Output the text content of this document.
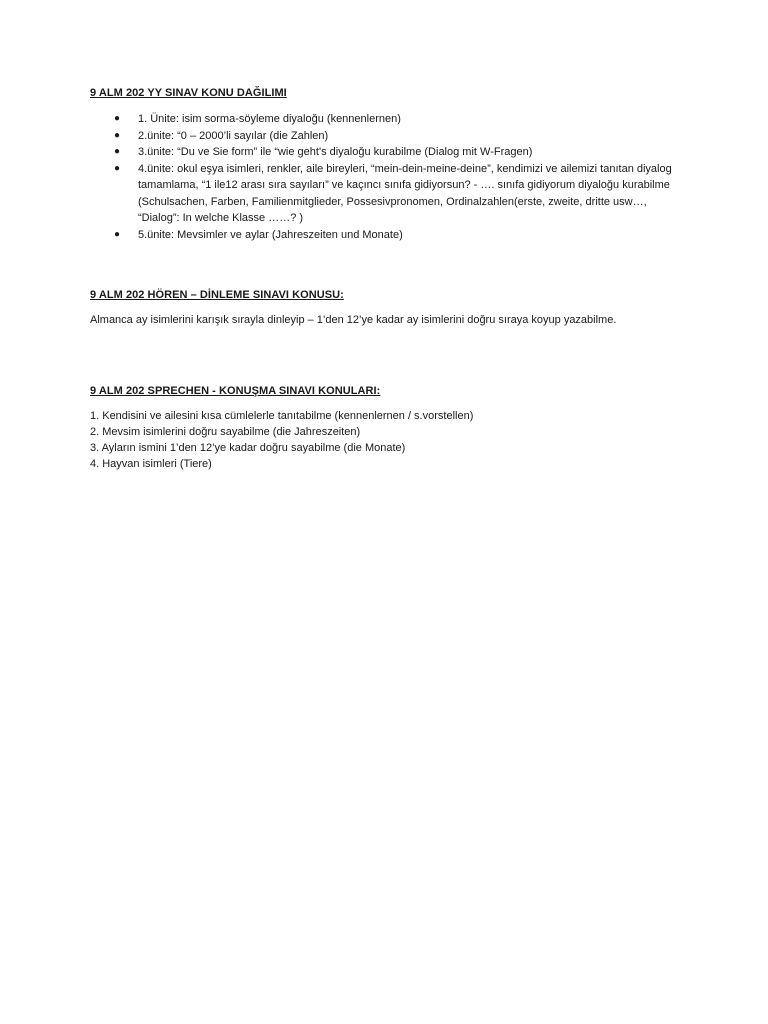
9 ALM 202 YY SINAV KONU DAĞILIMI

● 1. Ünite: isim sorma-söyleme diyaloğu (kennenlernen)
● 2.ünite: “0 – 2000’li sayılar (die Zahlen)
● 3.ünite: “Du ve Sie form” ile “wie geht's diyaloğu kurabilme (Dialog mit W-Fragen)
● 4.ünite: okul eşya isimleri, renkler, aile bireyleri, “mein-dein-meine-deine”, kendimizi ve ailemizi tanıtan diyalog tamamlama, “1 ile12 arası sıra sayıları” ve kaçıncı sınıfa gidiyorsun? - …. sınıfa gidiyorum diyaloğu kurabilme (Schulsachen, Farben, Familienmitglieder, Possesivpronomen, Ordinalzahlen(erste, zweite, dritte usw…, “Dialog”: In welche Klasse ……? )
● 5.ünite: Mevsimler ve aylar (Jahreszeiten und Monate)

9 ALM 202 HÖREN – DİNLEME SINAVI KONUSU:

Almanca ay isimlerini karışık sırayla dinleyip – 1’den 12’ye kadar ay isimlerini doğru sıraya koyup yazabilme.

9 ALM 202 SPRECHEN - KONUŞMA SINAVI KONULARI:

1. Kendisini ve ailesini kısa cümlelerle tanıtabilme (kennenlernen / s.vorstellen)
2. Mevsim isimlerini doğru sayabilme (die Jahreszeiten)
3. Ayların ismini 1’den 12’ye kadar doğru sayabilme (die Monate)
4. Hayvan isimleri (Tiere)
